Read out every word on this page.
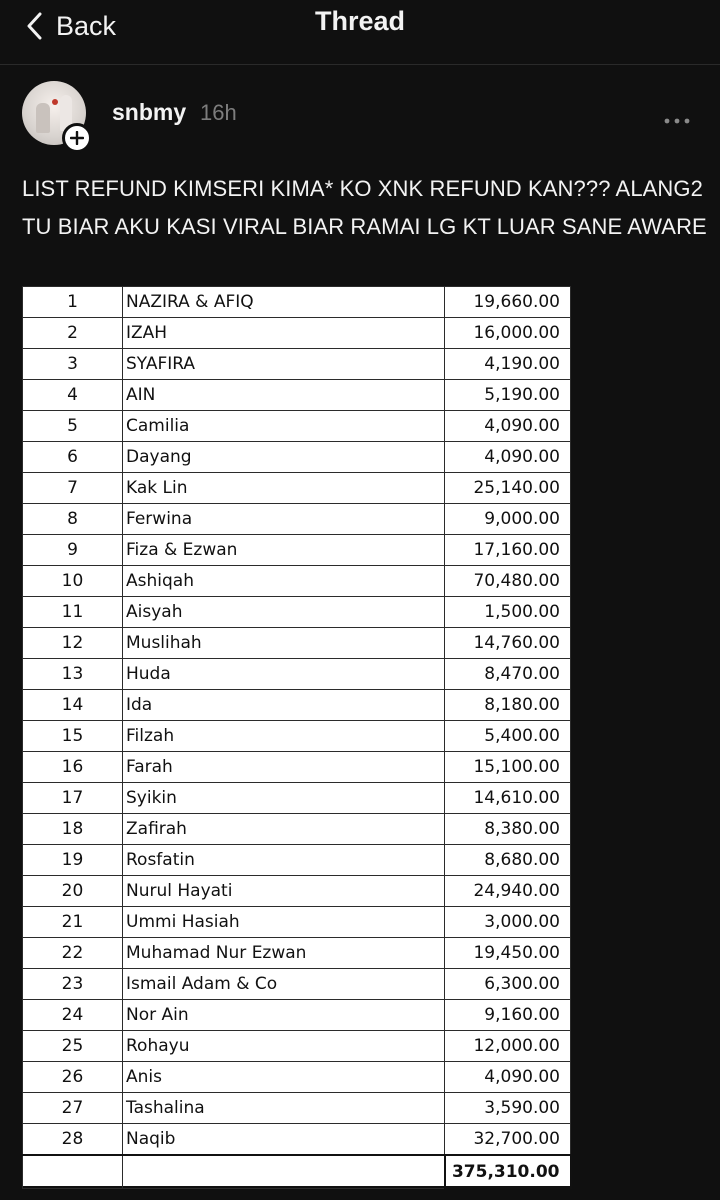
Back	Thread
snbmy 16h
LIST REFUND KIMSERI KIMA* KO XNK REFUND KAN??? ALANG2 TU BIAR AKU KASI VIRAL BIAR RAMAI LG KT LUAR SANE AWARE
1	NAZIRA & AFIQ	19,660.00
2	IZAH	16,000.00
3	SYAFIRA	4,190.00
4	AIN	5,190.00
5	Camilia	4,090.00
6	Dayang	4,090.00
7	Kak Lin	25,140.00
8	Ferwina	9,000.00
9	Fiza & Ezwan	17,160.00
10	Ashiqah	70,480.00
11	Aisyah	1,500.00
12	Muslihah	14,760.00
13	Huda	8,470.00
14	Ida	8,180.00
15	Filzah	5,400.00
16	Farah	15,100.00
17	Syikin	14,610.00
18	Zafirah	8,380.00
19	Rosfatin	8,680.00
20	Nurul Hayati	24,940.00
21	Ummi Hasiah	3,000.00
22	Muhamad Nur Ezwan	19,450.00
23	Ismail Adam & Co	6,300.00
24	Nor Ain	9,160.00
25	Rohayu	12,000.00
26	Anis	4,090.00
27	Tashalina	3,590.00
28	Naqib	32,700.00
		375,310.00
